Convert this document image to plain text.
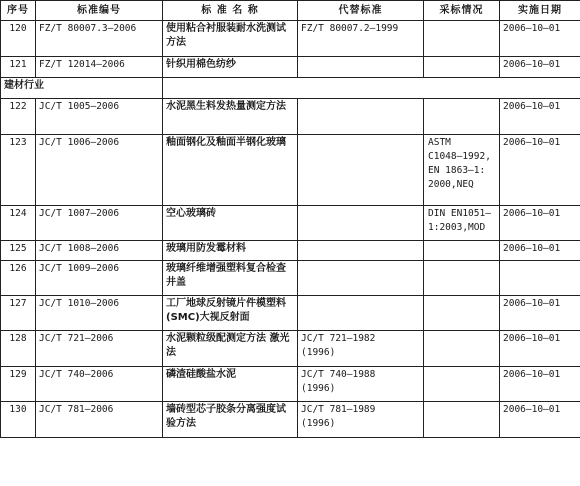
序号	标准编号	标 准 名 称	代替标准	采标情况	实施日期
120	FZ/T 80007.3—2006	使用粘合衬服装耐水洗测试方法	FZ/T 80007.2—1999		2006—10—01
121	FZ/T 12014—2006	针织用棉色纺纱			2006—10—01
建材行业					
122	JC/T 1005—2006	水泥黑生料发热量测定方法			2006—10—01
123	JC/T 1006—2006	釉面钢化及釉面半钢化玻璃		ASTM
C1048—1992,
EN 1863—1:
2000,NEQ	2006—10—01
124	JC/T 1007—2006	空心玻璃砖		DIN EN1051—
1:2003,MOD	2006—10—01
125	JC/T 1008—2006	玻璃用防发霉材料			2006—10—01
126	JC/T 1009—2006	玻璃纤维增强塑料复合检查井盖			
127	JC/T 1010—2006	工厂地球反射镜片件模塑料(SMC)大视反射面			2006—10—01
128	JC/T 721—2006	水泥颗粒级配测定方法 激光法	JC/T 721—1982
(1996)		2006—10—01
129	JC/T 740—2006	磷渣硅酸盐水泥	JC/T 740—1988
(1996)		2006—10—01
130	JC/T 781—2006	墙砖型芯子胶条分离强度试验方法	JC/T 781—1989
(1996)		2006—10—01
